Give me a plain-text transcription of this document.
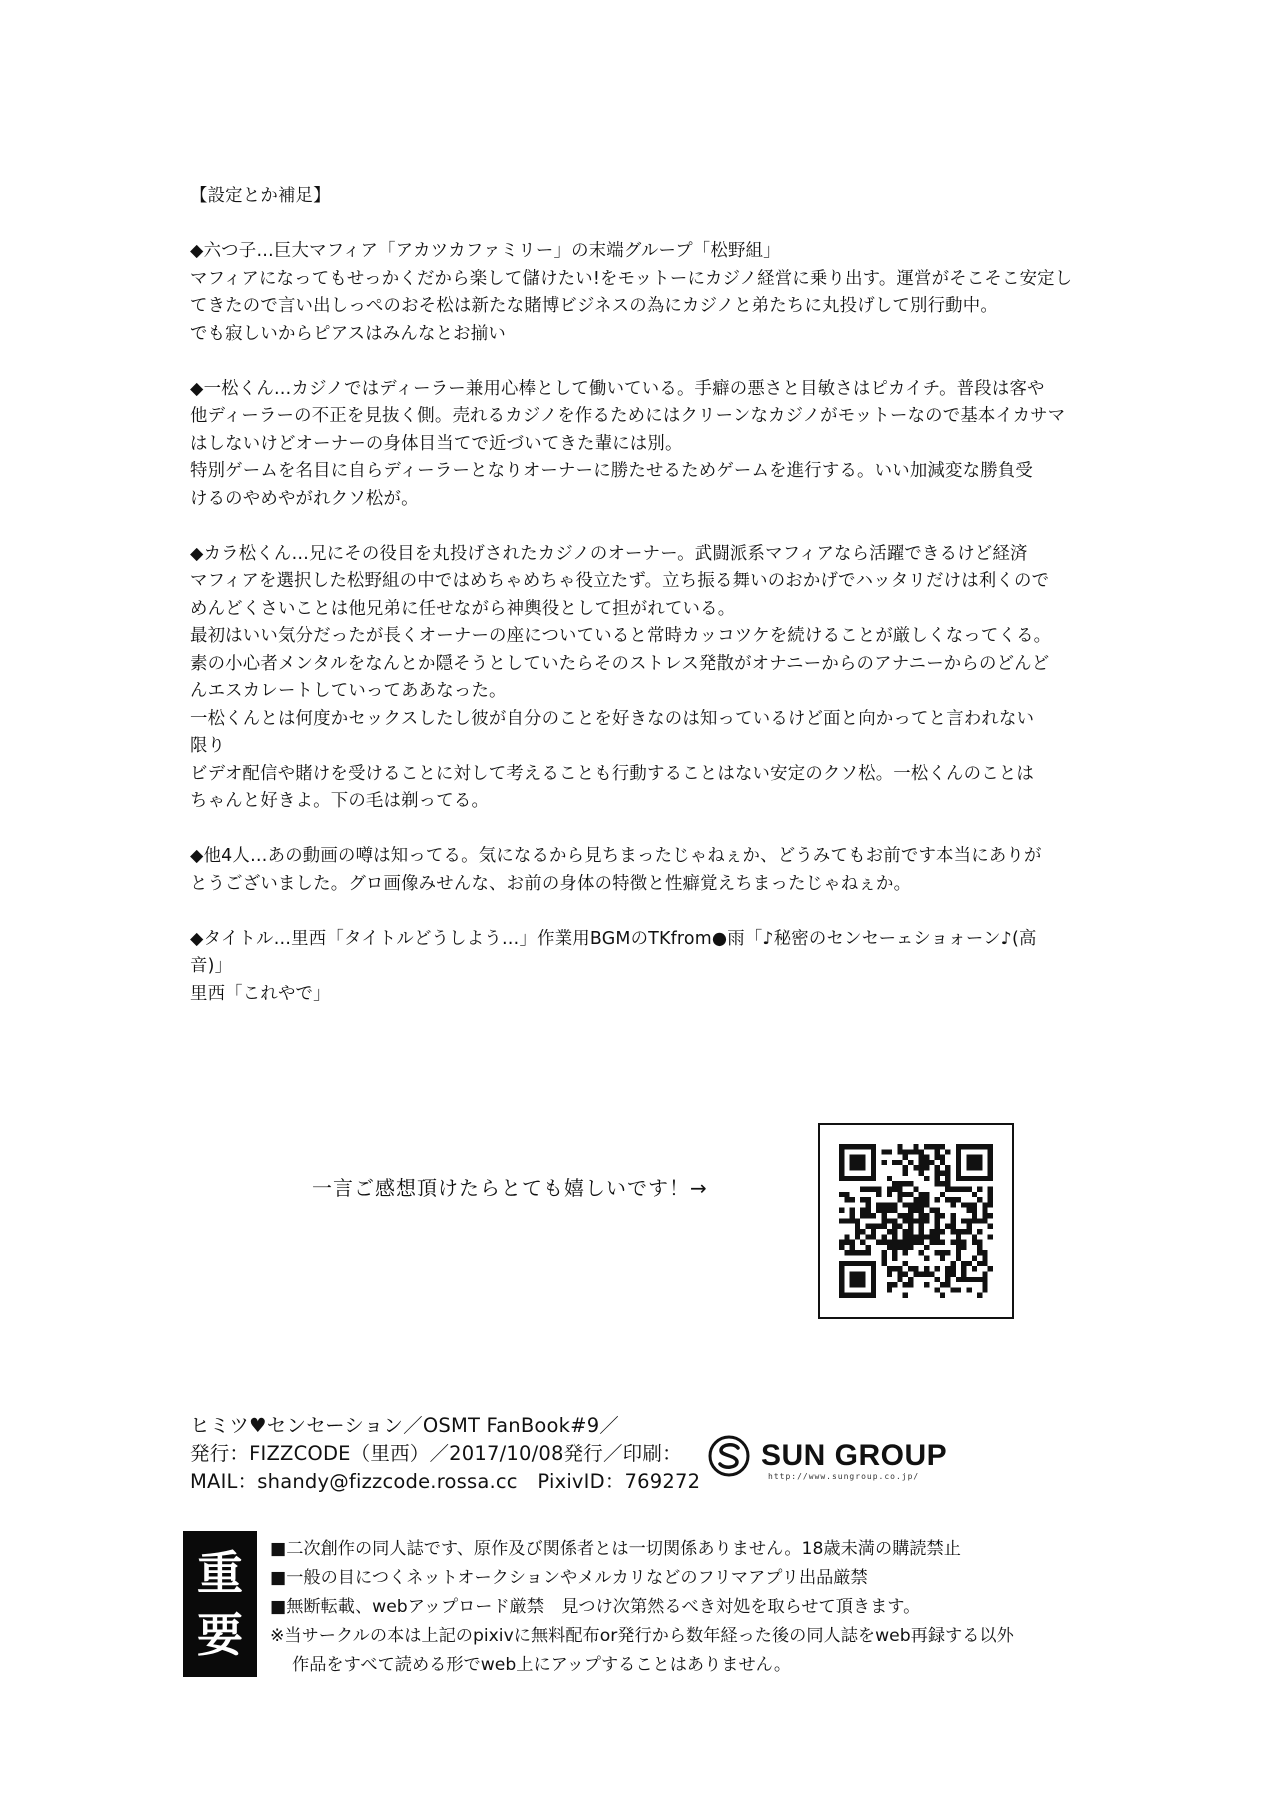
【設定とか補足】

◆六つ子…巨大マフィア「アカツカファミリー」の末端グループ「松野組」

マフィアになってもせっかくだから楽して儲けたい!をモットーにカジノ経営に乗り出す。運営がそこそこ安定し

てきたので言い出しっぺのおそ松は新たな賭博ビジネスの為にカジノと弟たちに丸投げして別行動中。

でも寂しいからピアスはみんなとお揃い

◆一松くん…カジノではディーラー兼用心棒として働いている。手癖の悪さと目敏さはピカイチ。普段は客や

他ディーラーの不正を見抜く側。売れるカジノを作るためにはクリーンなカジノがモットーなので基本イカサマ

はしないけどオーナーの身体目当てで近づいてきた輩には別。

特別ゲームを名目に自らディーラーとなりオーナーに勝たせるためゲームを進行する。いい加減変な勝負受

けるのやめやがれクソ松が。

◆カラ松くん…兄にその役目を丸投げされたカジノのオーナー。武闘派系マフィアなら活躍できるけど経済

マフィアを選択した松野組の中ではめちゃめちゃ役立たず。立ち振る舞いのおかげでハッタリだけは利くので

めんどくさいことは他兄弟に任せながら神輿役として担がれている。

最初はいい気分だったが長くオーナーの座についていると常時カッコツケを続けることが厳しくなってくる。

素の小心者メンタルをなんとか隠そうとしていたらそのストレス発散がオナニーからのアナニーからのどんど

んエスカレートしていってああなった。

一松くんとは何度かセックスしたし彼が自分のことを好きなのは知っているけど面と向かってと言われない

限り

ビデオ配信や賭けを受けることに対して考えることも行動することはない安定のクソ松。一松くんのことは

ちゃんと好きよ。下の毛は剃ってる。

◆他4人…あの動画の噂は知ってる。気になるから見ちまったじゃねぇか、どうみてもお前です本当にありが

とうございました。グロ画像みせんな、お前の身体の特徴と性癖覚えちまったじゃねぇか。

◆タイトル…里西「タイトルどうしよう…」作業用BGMのTKfrom●雨「♪秘密のセンセーェショォーン♪(高

音)」

里西「これやで」

一言ご感想頂けたらとても嬉しいです！→
ヒミツ♥センセーション／OSMT FanBook#9／
発行：FIZZCODE（里西）／2017/10/08発行／印刷：
MAIL：shandy@fizzcode.rossa.cc　PixivID：769272
SUN GROUP
http://www.sungroup.co.jp/
重
要

■二次創作の同人誌です、原作及び関係者とは一切関係ありません。18歳未満の購読禁止

■一般の目につくネットオークションやメルカリなどのフリマアプリ出品厳禁

■無断転載、webアップロード厳禁　見つけ次第然るべき対処を取らせて頂きます。

※当サークルの本は上記のpixivに無料配布or発行から数年経った後の同人誌をweb再録する以外

作品をすべて読める形でweb上にアップすることはありません。
